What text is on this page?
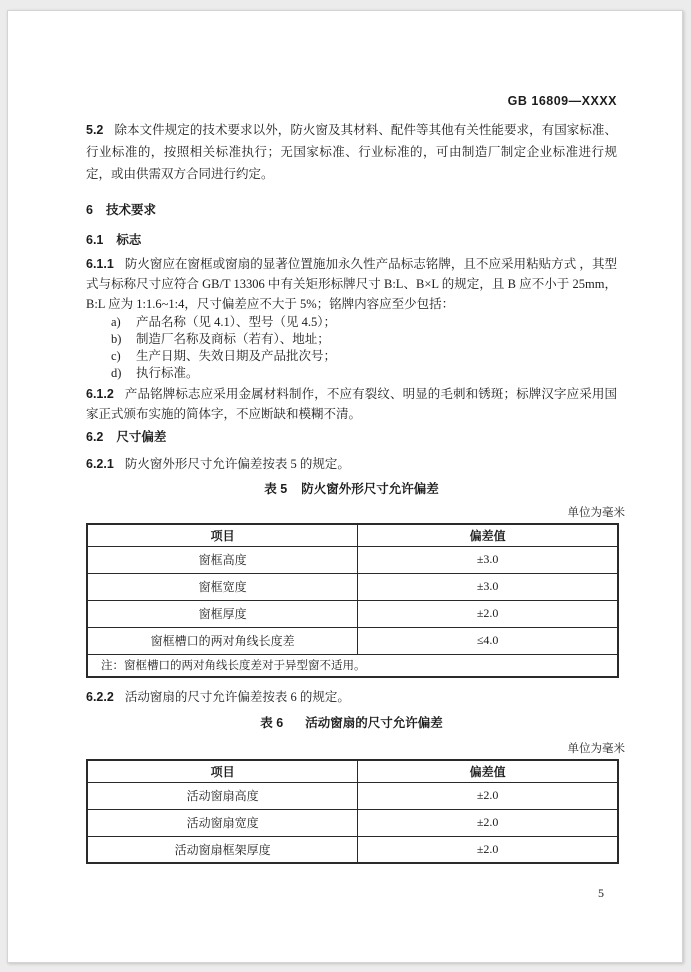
GB 16809—XXXX

5.2 除本文件规定的技术要求以外，防火窗及其材料、配件等其他有关性能要求，有国家标准、行业标准的，按照相关标准执行；无国家标准、行业标准的，可由制造厂制定企业标准进行规定，或由供需双方合同进行约定。

6 技术要求
6.1 标志

6.1.1 防火窗应在窗框或窗扇的显著位置施加永久性产品标志铭牌，且不应采用粘贴方式 ，其型式与标称尺寸应符合 GB/T 13306 中有关矩形标牌尺寸 B:L、B×L 的规定，且 B 应不小于 25mm，B:L 应为 1:1.6~1:4，尺寸偏差应不大于 5%；铭牌内容应至少包括：

a) 产品名称（见 4.1）、型号（见 4.5）；
b) 制造厂名称及商标（若有）、地址；
c) 生产日期、失效日期及产品批次号；
d) 执行标准。

6.1.2 产品铭牌标志应采用金属材料制作，不应有裂纹、明显的毛刺和锈斑；标牌汉字应采用国家正式颁布实施的简体字，不应断缺和模糊不清。

6.2 尺寸偏差

6.2.1 防火窗外形尺寸允许偏差按表 5 的规定。

表 5 防火窗外形尺寸允许偏差
单位为毫米
项目	偏差值
窗框高度	±3.0
窗框宽度	±3.0
窗框厚度	±2.0
窗框槽口的两对角线长度差	≤4.0
注：窗框槽口的两对角线长度差对于异型窗不适用。	

6.2.2 活动窗扇的尺寸允许偏差按表 6 的规定。

表 6 活动窗扇的尺寸允许偏差
单位为毫米
项目	偏差值
活动窗扇高度	±2.0
活动窗扇宽度	±2.0
活动窗扇框架厚度	±2.0
5
